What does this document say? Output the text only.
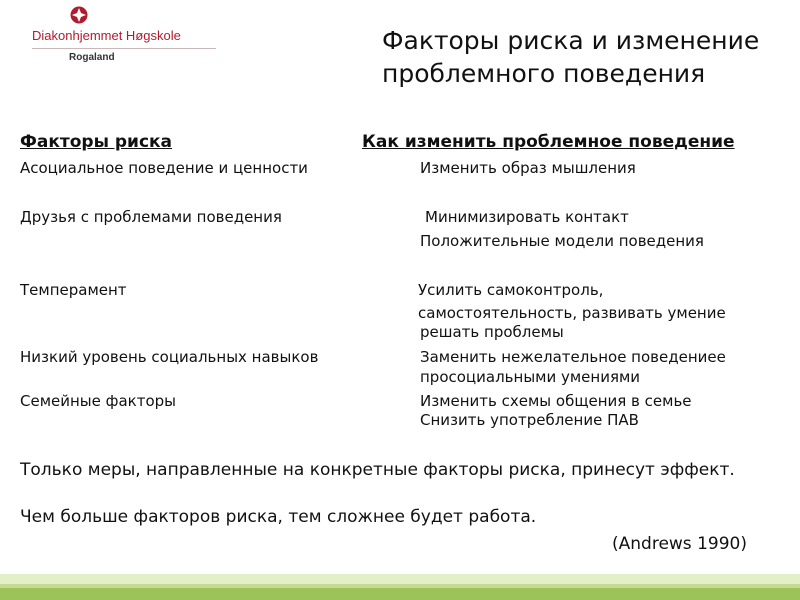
Diakonhjemmet Høgskole
Rogaland
Факторы риска и изменение проблемного поведения
Факторы риска	Как изменить проблемное поведение
Асоциальное поведение и ценности	Изменить образ мышления
Друзья с проблемами поведения	Минимизировать контакт
Положительные модели поведения
Темперамент	Усилить самоконтроль,
самостоятельность, развивать умение
решать проблемы
Низкий уровень социальных навыков	Заменить нежелательное поведениее
просоциальными умениями
Семейные факторы	Изменить схемы общения в семье
Снизить употребление ПАВ
Только меры, направленные на конкретные факторы риска, принесут эффект.
Чем больше факторов риска, тем сложнее будет работа.
(Andrews 1990)
